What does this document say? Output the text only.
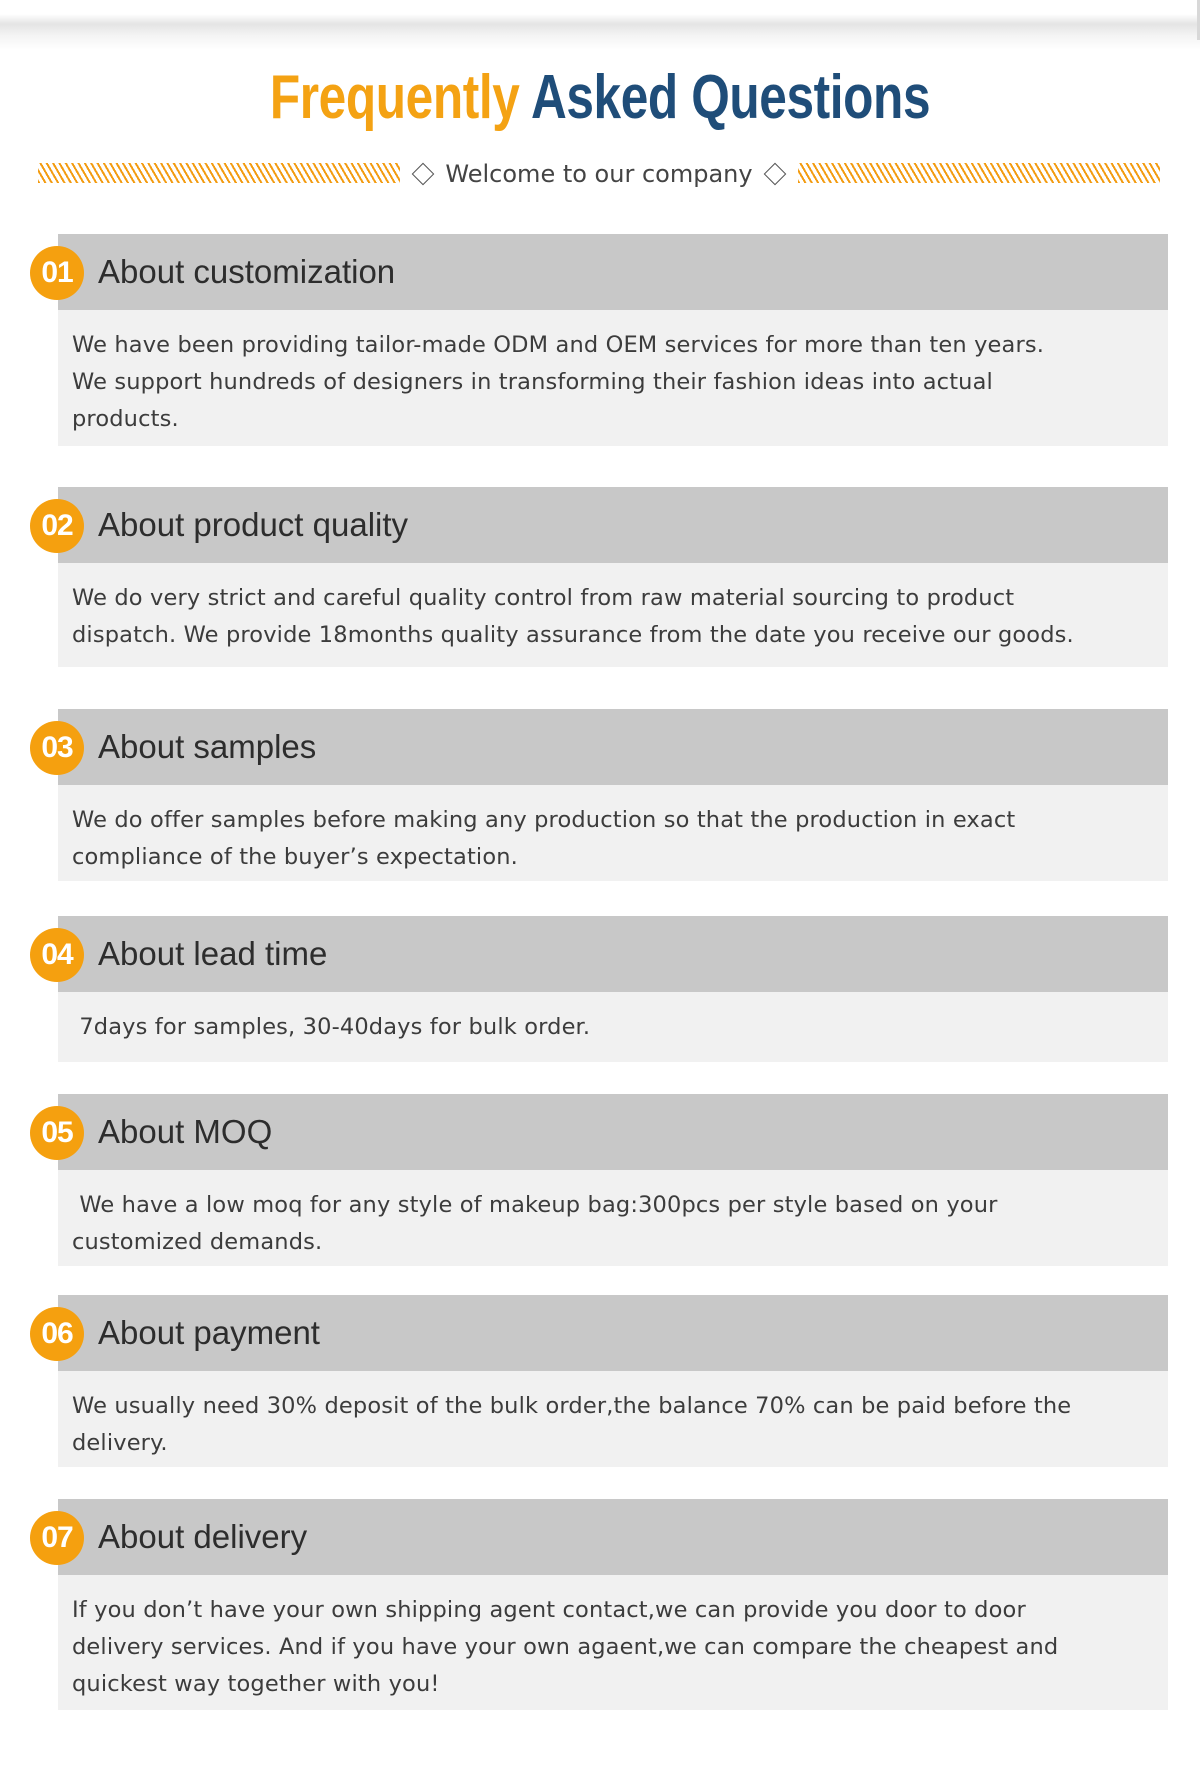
Frequently Asked Questions
Welcome to our company
About customization
01

We have been providing tailor-made ODM and OEM services for more than ten years.
We support hundreds of designers in transforming their fashion ideas into actual
products.

About product quality
02

We do very strict and careful quality control from raw material sourcing to product
dispatch. We provide 18months quality assurance from the date you receive our goods.

About samples
03

We do offer samples before making any production so that the production in exact
compliance of the buyer’s expectation.

About lead time
04

7days for samples, 30-40days for bulk order.

About MOQ
05

We have a low moq for any style of makeup bag:300pcs per style based on your
customized demands.

About payment
06

We usually need 30% deposit of the bulk order,the balance 70% can be paid before the
delivery.

About delivery
07

If you don’t have your own shipping agent contact,we can provide you door to door
delivery services. And if you have your own agaent,we can compare the cheapest and
quickest way together with you!
